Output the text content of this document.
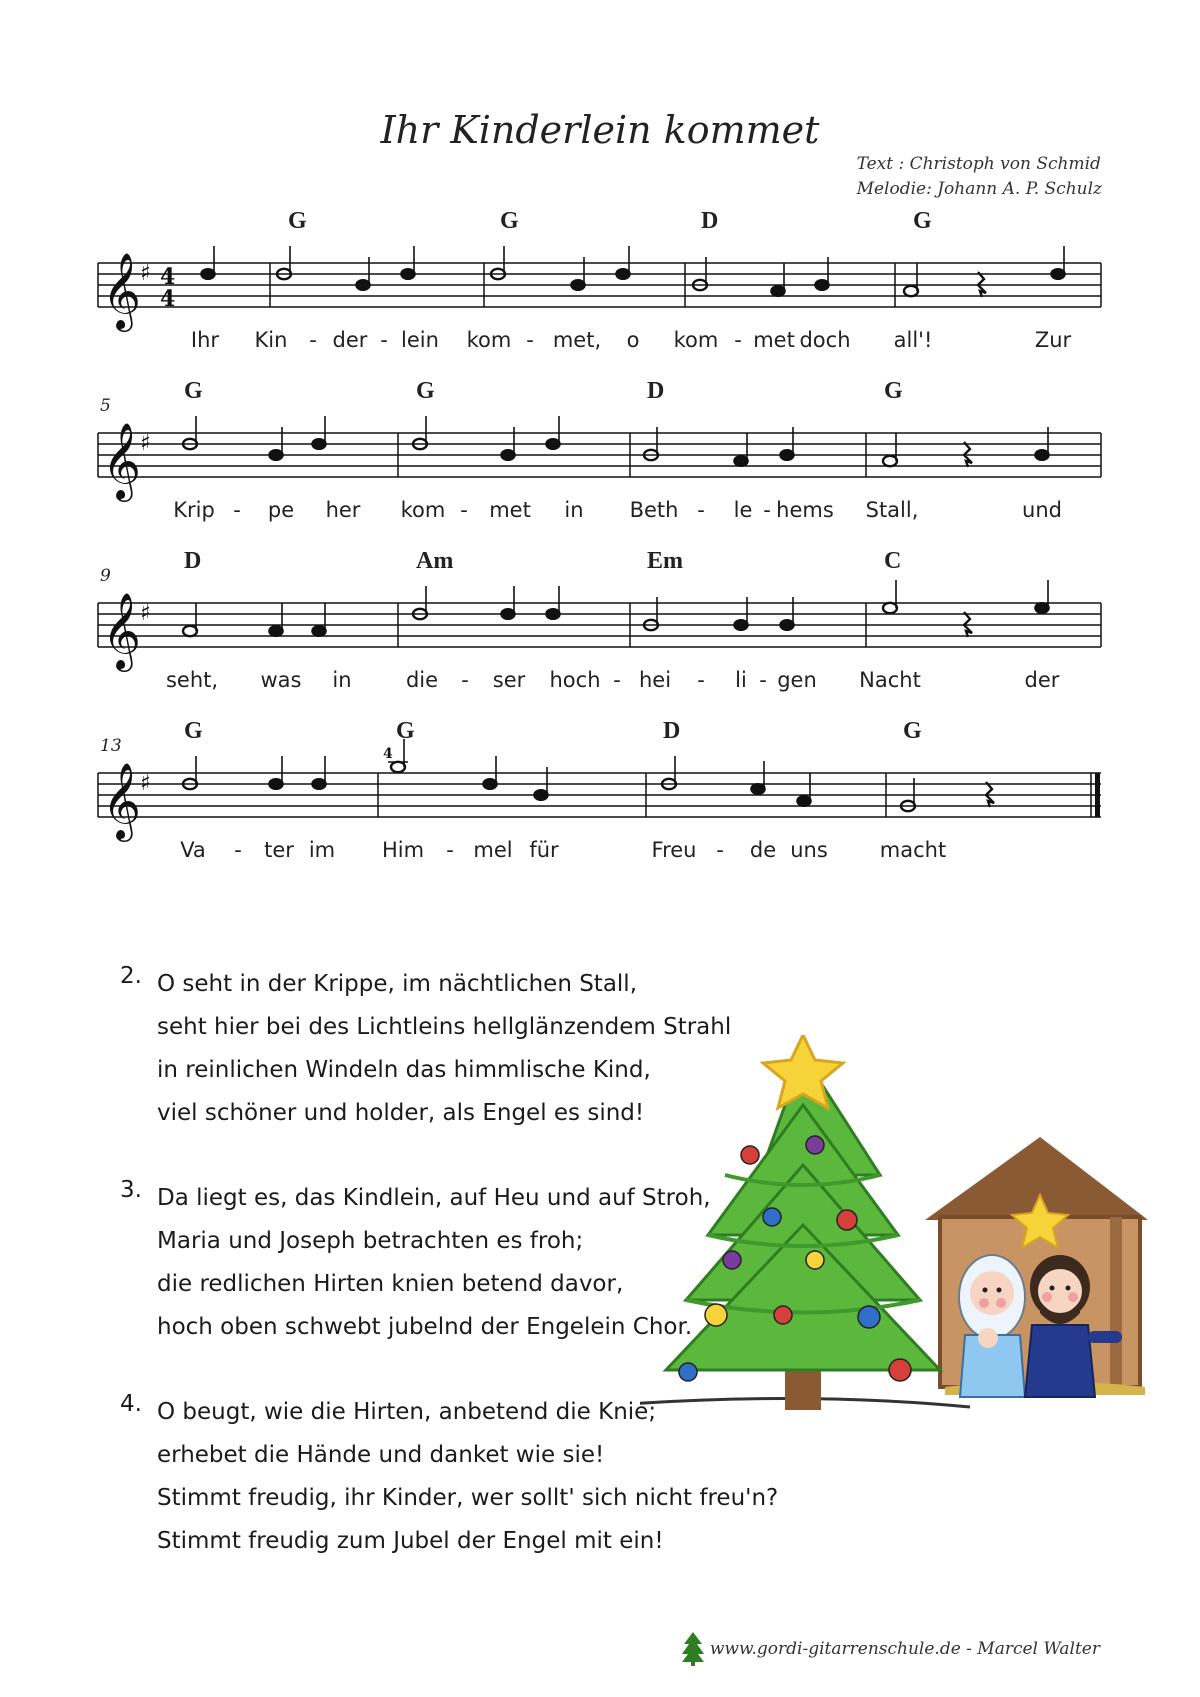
Ihr Kinderlein kommet
Text : Christoph von Schmid
Melodie: Johann A. P. Schulz
G	G	D	G
𝄞
♯ 4
4
Ihr Kin - der - lein kom - met, o kom - met doch all'!	Zur
5
G	G	D	G
𝄞
♯
Krip - pe her kom - met in Beth - le - hems Stall,	und
9
D	Am	Em	C
𝄞
♯
seht, was in	die - ser hoch - hei - li - gen Nacht	der
13
G	G	D	G
𝄞
♯
4
Va - ter im Him - mel für	Freu - de uns macht
2. O seht in der Krippe, im nächtlichen Stall,
seht hier bei des Lichtleins hellglänzendem Strahl
in reinlichen Windeln das himmlische Kind,
viel schöner und holder, als Engel es sind!
3. Da liegt es, das Kindlein, auf Heu und auf Stroh,
Maria und Joseph betrachten es froh;
die redlichen Hirten knien betend davor,
hoch oben schwebt jubelnd der Engelein Chor.
4. O beugt, wie die Hirten, anbetend die Knie;
erhebet die Hände und danket wie sie!
Stimmt freudig, ihr Kinder, wer sollt' sich nicht freu'n?
Stimmt freudig zum Jubel der Engel mit ein!
www.gordi-gitarrenschule.de - Marcel Walter
